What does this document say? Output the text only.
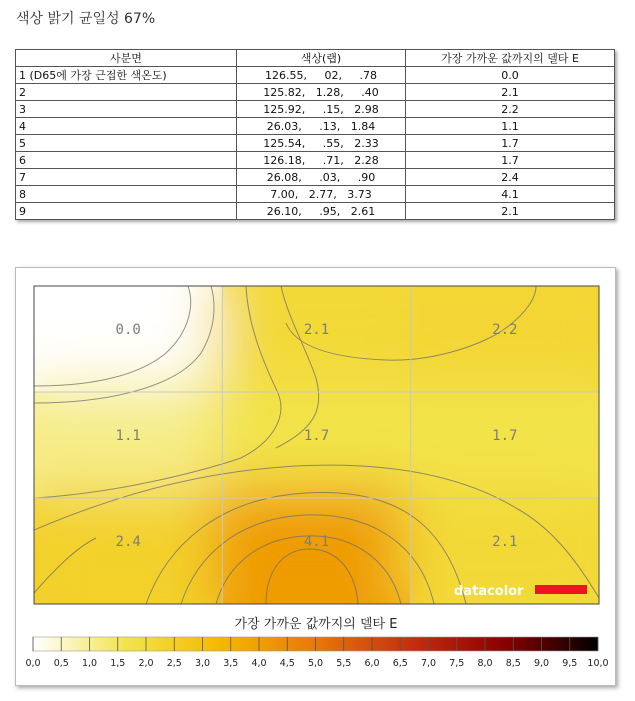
색상 밝기 균일성 67%
사분면	색상(랩)	가장 가까운 값까지의 델타 E
1 (D65에 가장 근접한 색온도)	126.55,     02,     .78	0.0
2	125.82,   1.28,     .40	2.1
3	125.92,     .15,   2.98	2.2
4	26.03,     .13,   1.84	1.1
5	125.54,     .55,   2.33	1.7
6	126.18,     .71,   2.28	1.7
7	26.08,     .03,     .90	2.4
8	7.00,   2.77,   3.73	4.1
9	26.10,     .95,   2.61	2.1
0.0	2.1	2.2
1.1	1.7	1.7
2.4	4.1	2.1
datacolor
가장 가까운 값까지의 델타 E
0,0 0,5 1,0 1,5 2,0 2,5 3,0 3,5 4,0 4,5 5,0 5,5 6,0 6,5 7,0 7,5 8,0 8,5 9,0 9,5 10,0
